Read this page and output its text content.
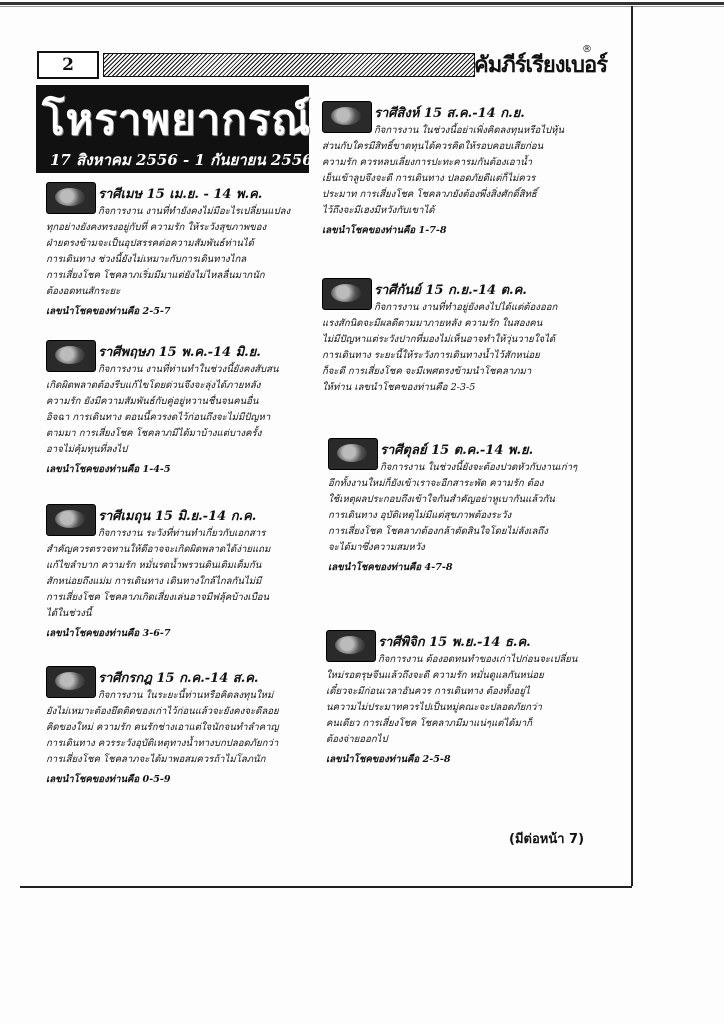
2	คัมภีร์เรียงเบอร์
®
โหราพยากรณ์
17 สิงหาคม 2556 - 1 กันยายน 2556
ราศีเมษ 15 เม.ย. - 14 พ.ค.

กิจการงาน งานที่ทำยังคงไม่มีอะไรเปลี่ยนแปลง

ทุกอย่างยังคงทรงอยู่กับที่ ความรัก ให้ระวังสุขภาพของ

ฝ่ายตรงข้ามจะเป็นอุปสรรคต่อความสัมพันธ์ท่านได้

การเดินทาง ช่วงนี้ยังไม่เหมาะกับการเดินทางไกล

การเสี่ยงโชค โชคลาภเริ่มมีมาแต่ยังไม่ไหลลื่นมากนัก

ต้องอดทนสักระยะ

เลขนำโชคของท่านคือ 2-5-7
ราศีพฤษภ 15 พ.ค.-14 มิ.ย.

กิจการงาน งานที่ท่านทำในช่วงนี้ยังคงสับสน

เกิดผิดพลาดต้องรีบแก้ไขโดยด่วนจึงจะลุ่งได้ภายหลัง

ความรัก ยังมีความสัมพันธ์กับคู่อยู่หวานชื่นจนคนอื่น

อิจฉา การเดินทาง ตอนนี้ควรงดไว้ก่อนถึงจะไม่มีปัญหา

ตามมา การเสี่ยงโชค โชคลาภมีได้มาบ้างแต่บางครั้ง

อาจไม่คุ้มทุนที่ลงไป

เลขนำโชคของท่านคือ 1-4-5
ราศีเมถุน 15 มิ.ย.-14 ก.ค.

กิจการงาน ระวังที่ท่านทำเกี่ยวกับเอกสาร

สำคัญควรตรวจทานให้ดีอาจจะเกิดผิดพลาดได้ง่ายแถม

แก้ไขลำบาก ความรัก หมั่นรดน้ำพรวนดินเติมเต็มกัน

สักหน่อยถึงแม่ม การเดินทาง เดินทางใกล้ไกลกันไม่มี

การเสี่ยงโชค โชคลาภเกิดเสี่ยงเล่นอาจมีฟลุ้คบ้างเบือน

ได้ในช่วงนี้

เลขนำโชคของท่านคือ 3-6-7
ราศีกรกฎ 15 ก.ค.-14 ส.ค.

กิจการงาน ในระยะนี้ท่านหรือคิดลงทุนใหม่

ยังไม่เหมาะต้องยึดติดของเก่าไว้ก่อนแล้วจะยังคงจะดีลอย

คิดของใหม่ ความรัก คนรักช่างเอาแต่ใจนักจนทำลำคาญ

การเดินทาง ควรระวังอุบัติเหตุทางน้ำทางบกปลอดภัยกว่า

การเสี่ยงโชค โชคลาภจะได้มาพอสมควรถ้าไม่โลภนัก

เลขนำโชคของท่านคือ 0-5-9
ราศีสิงห์ 15 ส.ค.-14 ก.ย.

กิจการงาน ในช่วงนี้อย่าเพิ่งคิดลงทุนหรือไปหุ้น

ส่วนกับใครมีสิทธิ์ขาดทุนได้ควรคิดให้รอบคอบเสียก่อน

ความรัก ควรหลบเลี่ยงการปะทะคารมกันต้องเอาน้ำ

เย็นเข้าลูบจึงจะดี การเดินทาง ปลอดภัยดีแต่ก็ไม่ควร

ประมาท การเสี่ยงโชค โชคลาภยังต้องพึ่งสิ่งศักดิ์สิทธิ์

ไว้ถึงจะมีเฮงมีหวังกับเขาได้

เลขนำโชคของท่านคือ 1-7-8
ราศีกันย์ 15 ก.ย.-14 ต.ค.

กิจการงาน งานที่ทำอยู่ยังคงไปได้แต่ต้องออก

แรงสักนิดจะมีผลดีตามมาภายหลัง ความรัก ในสองคน

ไม่มีปัญหาแต่ระวังปากที่มองไม่เห็นอาจทำให้วุ่นวายใจได้

การเดินทาง ระยะนี้ให้ระวังการเดินทางน้ำไว้สักหน่อย

ก็จะดี การเสี่ยงโชค จะมีเพศตรงข้ามนำโชคลาภมา

ให้ท่าน เลขนำโชคของท่านคือ 2-3-5

ราศีตุลย์ 15 ต.ค.-14 พ.ย.

กิจการงาน ในช่วงนี้ยังจะต้องปวดหัวกับงานเก่าๆ

อีกทั้งงานใหม่ก็ยังเข้าเราจะอีกสาระพัด ความรัก ต้อง

ใช้เหตุผลประกอบถึงเข้าใจกันสำคัญอย่าหูเบากันแล้วกัน

การเดินทาง อุบัติเหตุไม่มีแต่สุขภาพต้องระวัง

การเสี่ยงโชค โชคลาภต้องกล้าตัดสินใจโดยไม่ลังเลถึง

จะได้มาซึ่งความสมหวัง

เลขนำโชคของท่านคือ 4-7-8
ราศีพิจิก 15 พ.ย.-14 ธ.ค.

กิจการงาน ต้องอดทนทำของเก่าไปก่อนจะเปลี่ยน

ใหม่รอตรุษจีนแล้วถึงจะดี ความรัก หมั่นดูแลกันหน่อย

เดี๋ยวจะมีก่อนเวลาอันควร การเดินทาง ต้องทั้งอยู่ไ

นความไม่ประมาทควรไปเป็นหมู่คณะจะปลอดภัยกว่า

คนเดียว การเสี่ยงโชค โชคลาภมีมาแน่ๆแต่ได้มาก็

ต้องจ่ายออกไป

เลขนำโชคของท่านคือ 2-5-8
(มีต่อหน้า 7)
